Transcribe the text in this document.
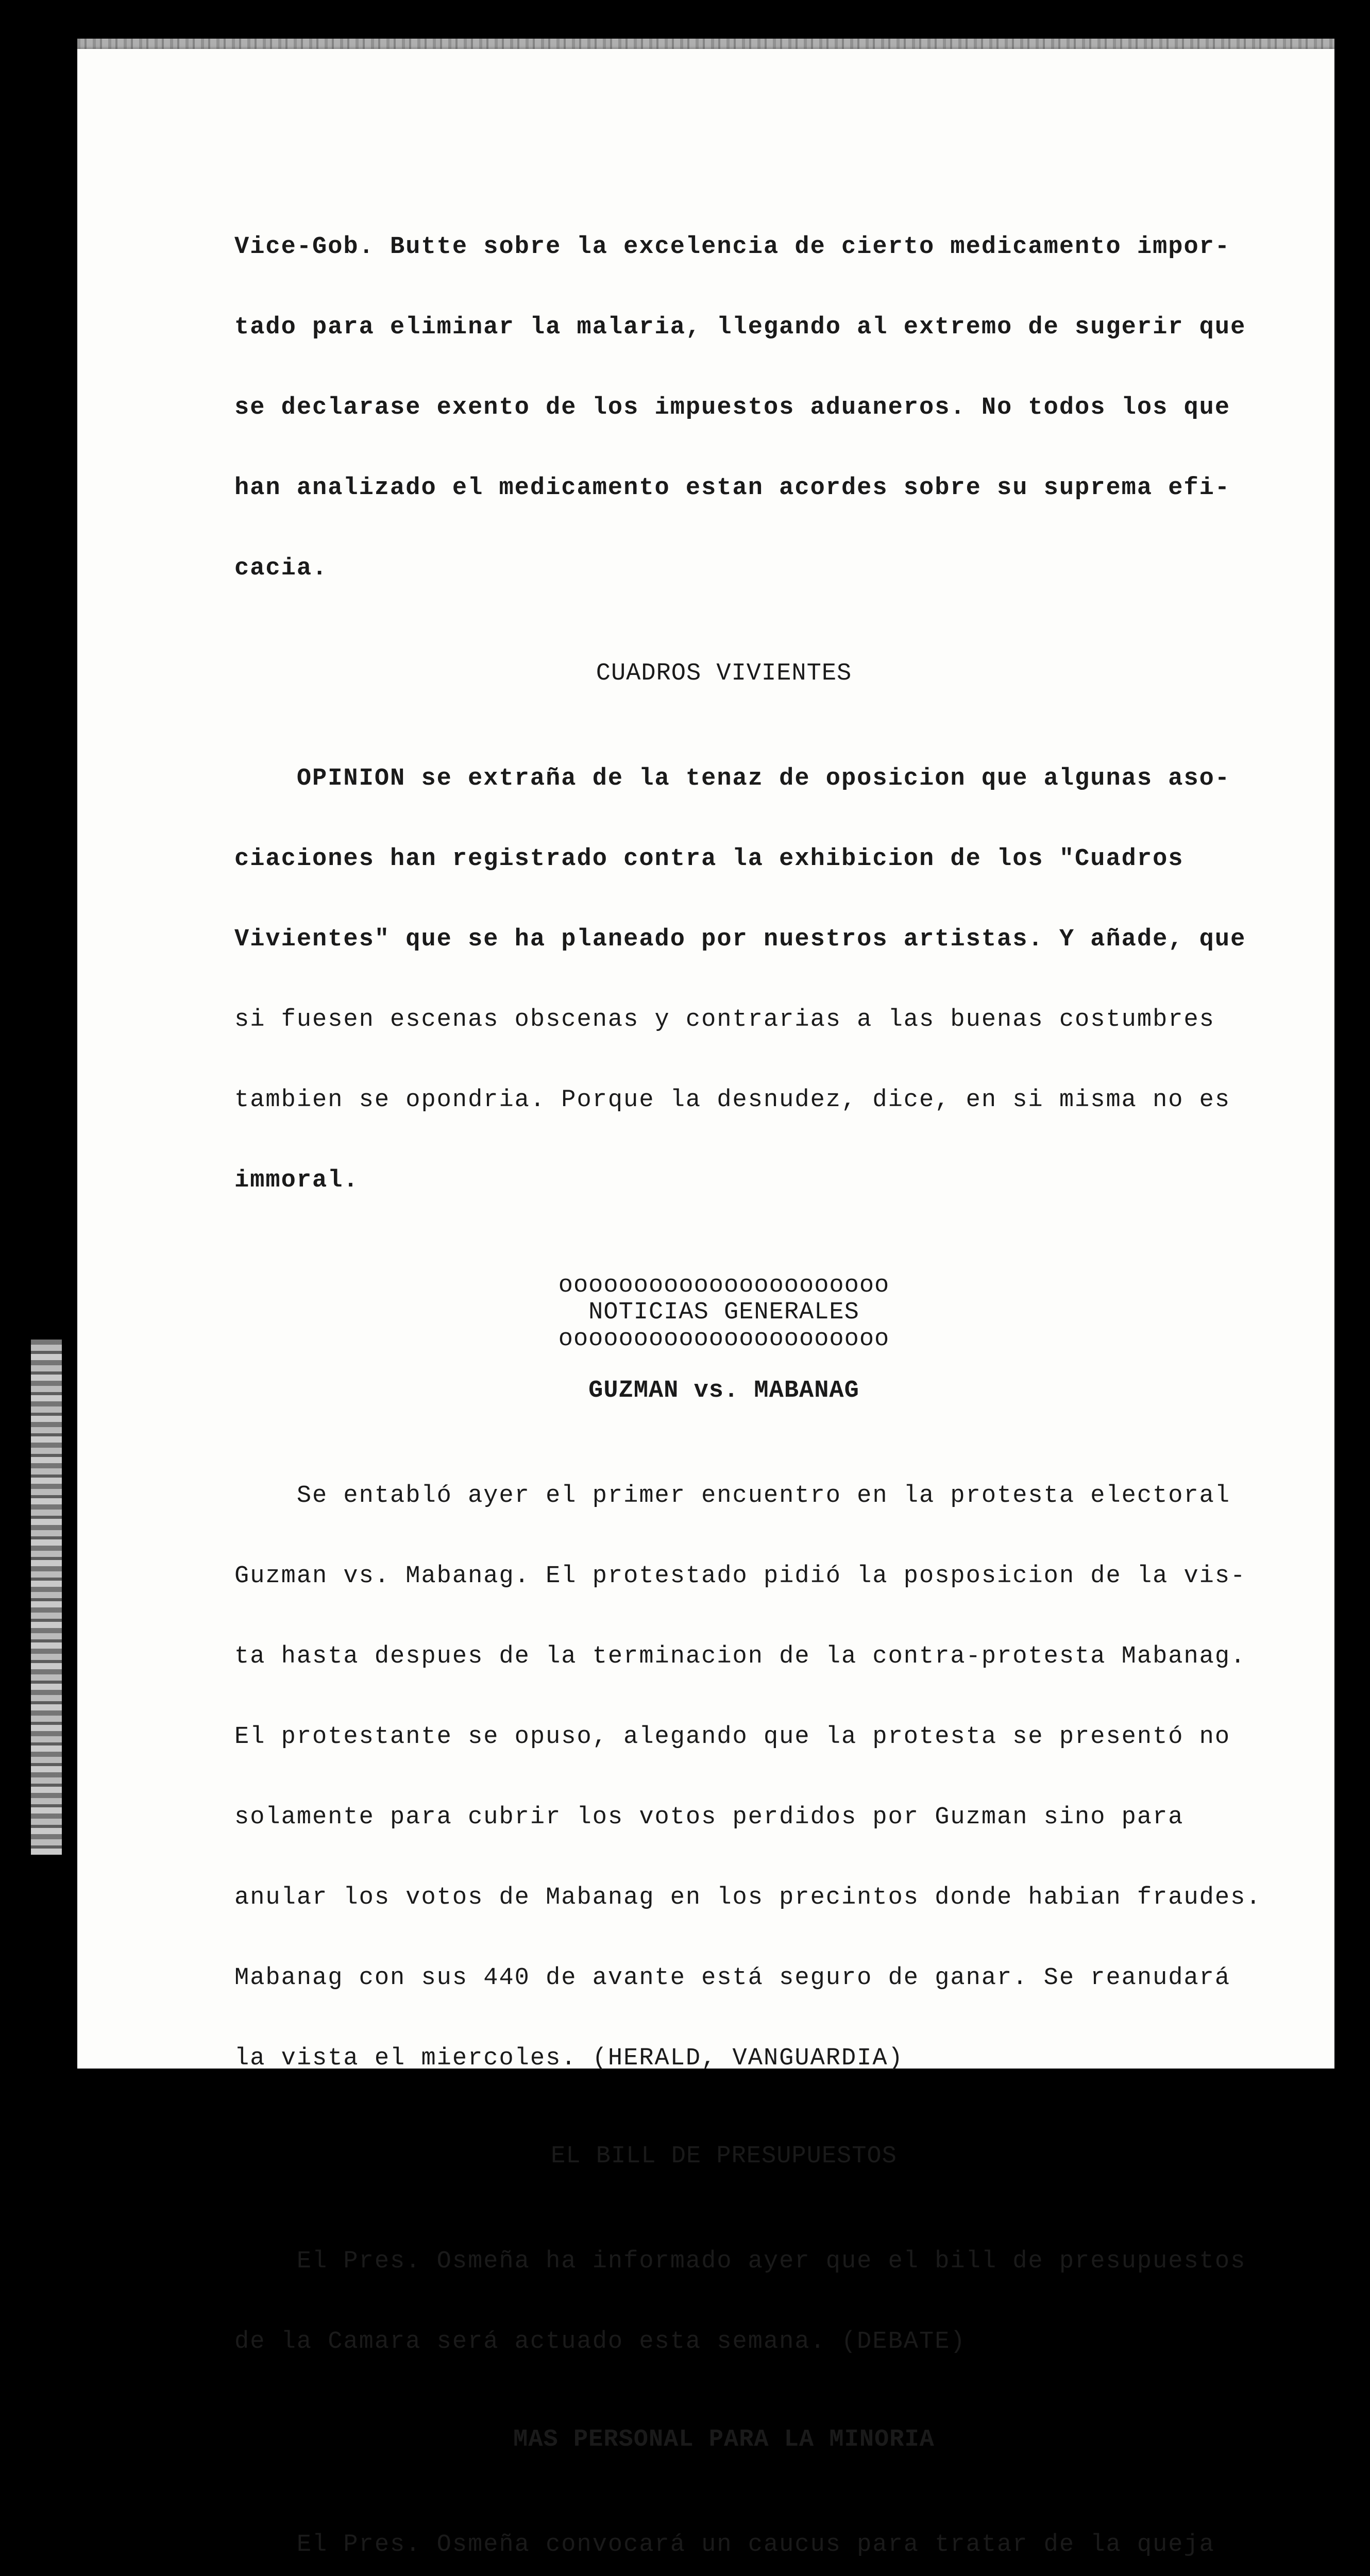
Vice-Gob. Butte sobre la excelencia de cierto medicamento impor-

tado para eliminar la malaria, llegando al extremo de sugerir que

se declarase exento de los impuestos aduaneros. No todos los que

han analizado el medicamento estan acordes sobre su suprema efi-

cacia.

CUADROS VIVIENTES

OPINION se extraña de la tenaz de oposicion que algunas aso-

ciaciones han registrado contra la exhibicion de los "Cuadros

Vivientes" que se ha planeado por nuestros artistas. Y añade, que

si fuesen escenas obscenas y contrarias a las buenas costumbres

tambien se opondria. Porque la desnudez, dice, en si misma no es

immoral.

oooooooooooooooooooooo

NOTICIAS GENERALES

oooooooooooooooooooooo

GUZMAN vs. MABANAG

Se entabló ayer el primer encuentro en la protesta electoral

Guzman vs. Mabanag. El protestado pidió la posposicion de la vis-

ta hasta despues de la terminacion de la contra-protesta Mabanag.

El protestante se opuso, alegando que la protesta se presentó no

solamente para cubrir los votos perdidos por Guzman sino para

anular los votos de Mabanag en los precintos donde habian fraudes.

Mabanag con sus 440 de avante está seguro de ganar. Se reanudará

la vista el miercoles. (HERALD, VANGUARDIA)

EL BILL DE PRESUPUESTOS

El Pres. Osmeña ha informado ayer que el bill de presupuestos

de la Camara será actuado esta semana. (DEBATE)

MAS PERSONAL PARA LA MINORIA

El Pres. Osmeña convocará un caucus para tratar de la queja
